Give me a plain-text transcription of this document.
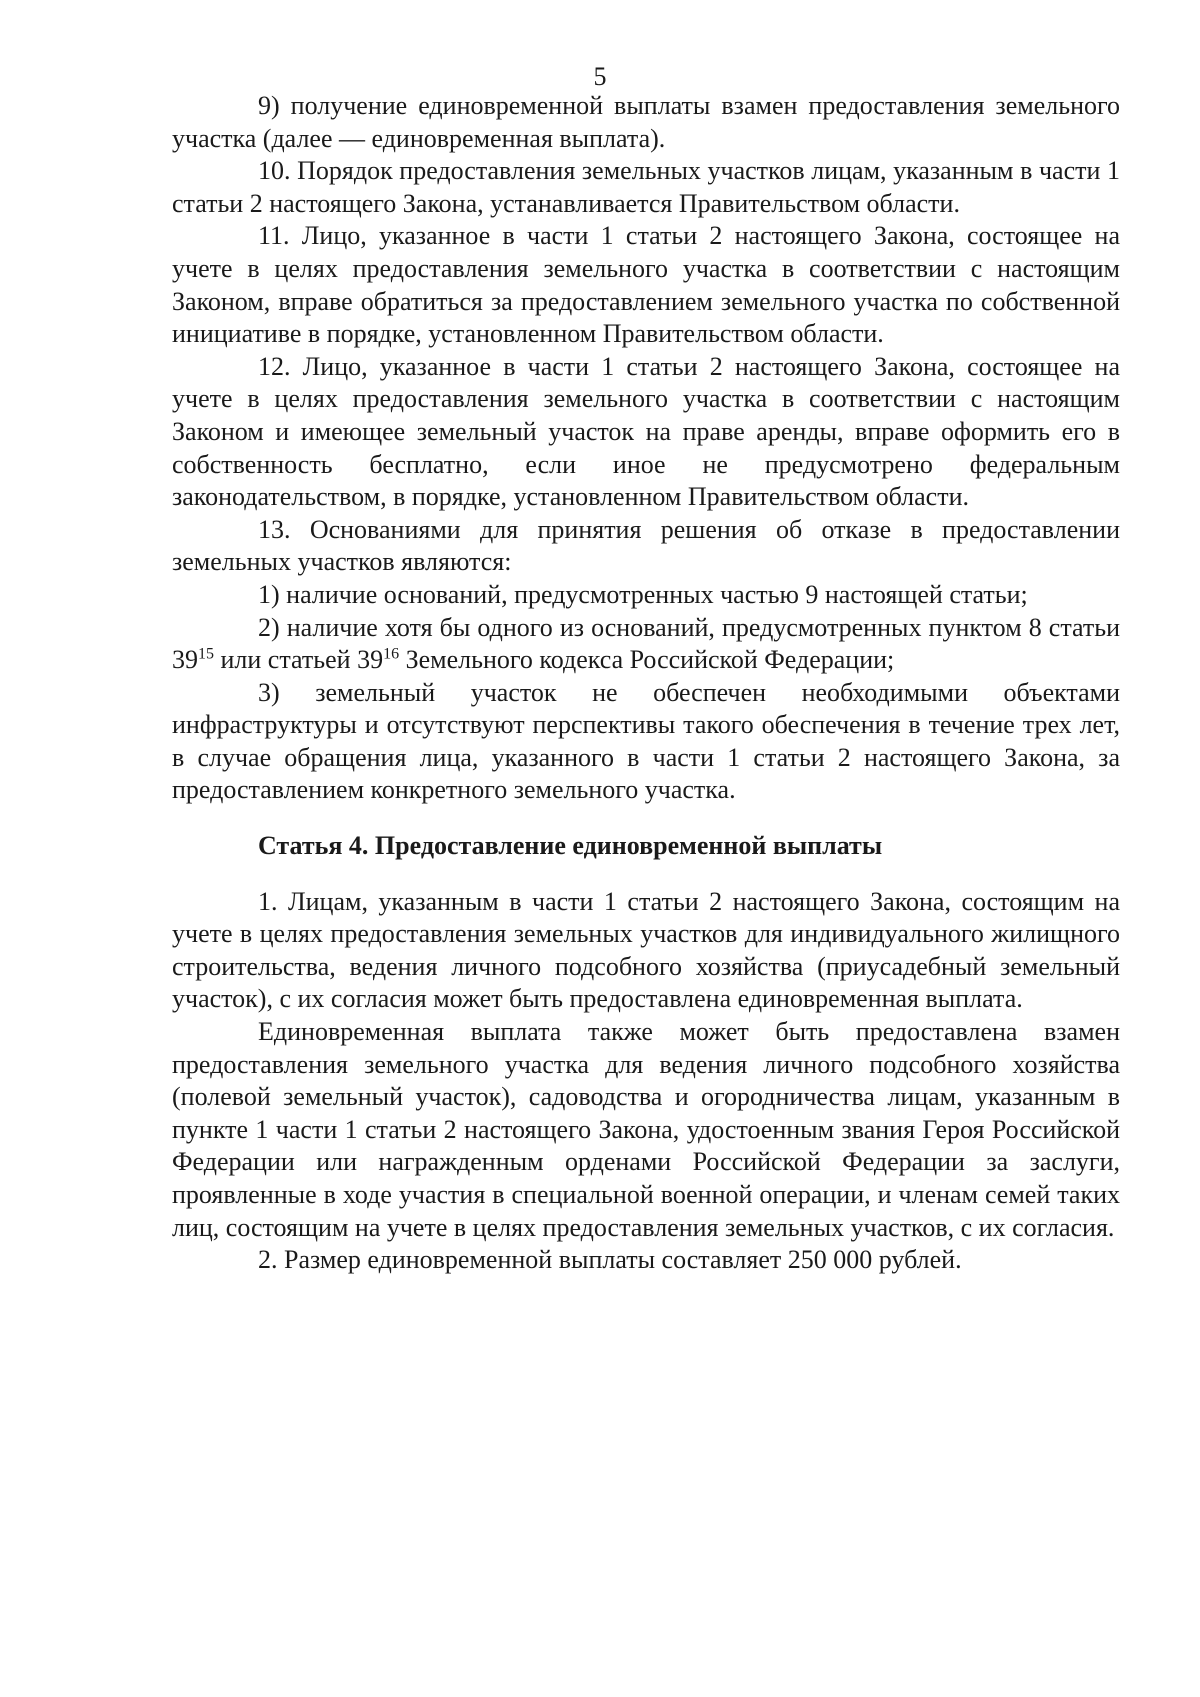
5

9) получение единовременной выплаты взамен предоставления земельного участка (далее — единовременная выплата).

10. Порядок предоставления земельных участков лицам, указанным в части 1 статьи 2 настоящего Закона, устанавливается Правительством области.

11. Лицо, указанное в части 1 статьи 2 настоящего Закона, состоящее на учете в целях предоставления земельного участка в соответствии с настоящим Законом, вправе обратиться за предоставлением земельного участка по собственной инициативе в порядке, установленном Правительством области.

12. Лицо, указанное в части 1 статьи 2 настоящего Закона, состоящее на учете в целях предоставления земельного участка в соответствии с настоящим Законом и имеющее земельный участок на праве аренды, вправе оформить его в собственность бесплатно, если иное не предусмотрено федеральным законодательством, в порядке, установленном Правительством области.

13. Основаниями для принятия решения об отказе в предоставлении земельных участков являются:

1) наличие оснований, предусмотренных частью 9 настоящей статьи;

2) наличие хотя бы одного из оснований, предусмотренных пунктом 8 статьи $39^{15}$ или статьей $39^{16}$ Земельного кодекса Российской Федерации;

3) земельный участок не обеспечен необходимыми объектами инфраструктуры и отсутствуют перспективы такого обеспечения в течение трех лет, в случае обращения лица, указанного в части 1 статьи 2 настоящего Закона, за предоставлением конкретного земельного участка.

Статья 4. Предоставление единовременной выплаты

1. Лицам, указанным в части 1 статьи 2 настоящего Закона, состоящим на учете в целях предоставления земельных участков для индивидуального жилищного строительства, ведения личного подсобного хозяйства (приусадебный земельный участок), с их согласия может быть предоставлена единовременная выплата.

Единовременная выплата также может быть предоставлена взамен предоставления земельного участка для ведения личного подсобного хозяйства (полевой земельный участок), садоводства и огородничества лицам, указанным в пункте 1 части 1 статьи 2 настоящего Закона, удостоенным звания Героя Российской Федерации или награжденным орденами Российской Федерации за заслуги, проявленные в ходе участия в специальной военной операции, и членам семей таких лиц, состоящим на учете в целях предоставления земельных участков, с их согласия.

2. Размер единовременной выплаты составляет 250 000 рублей.
